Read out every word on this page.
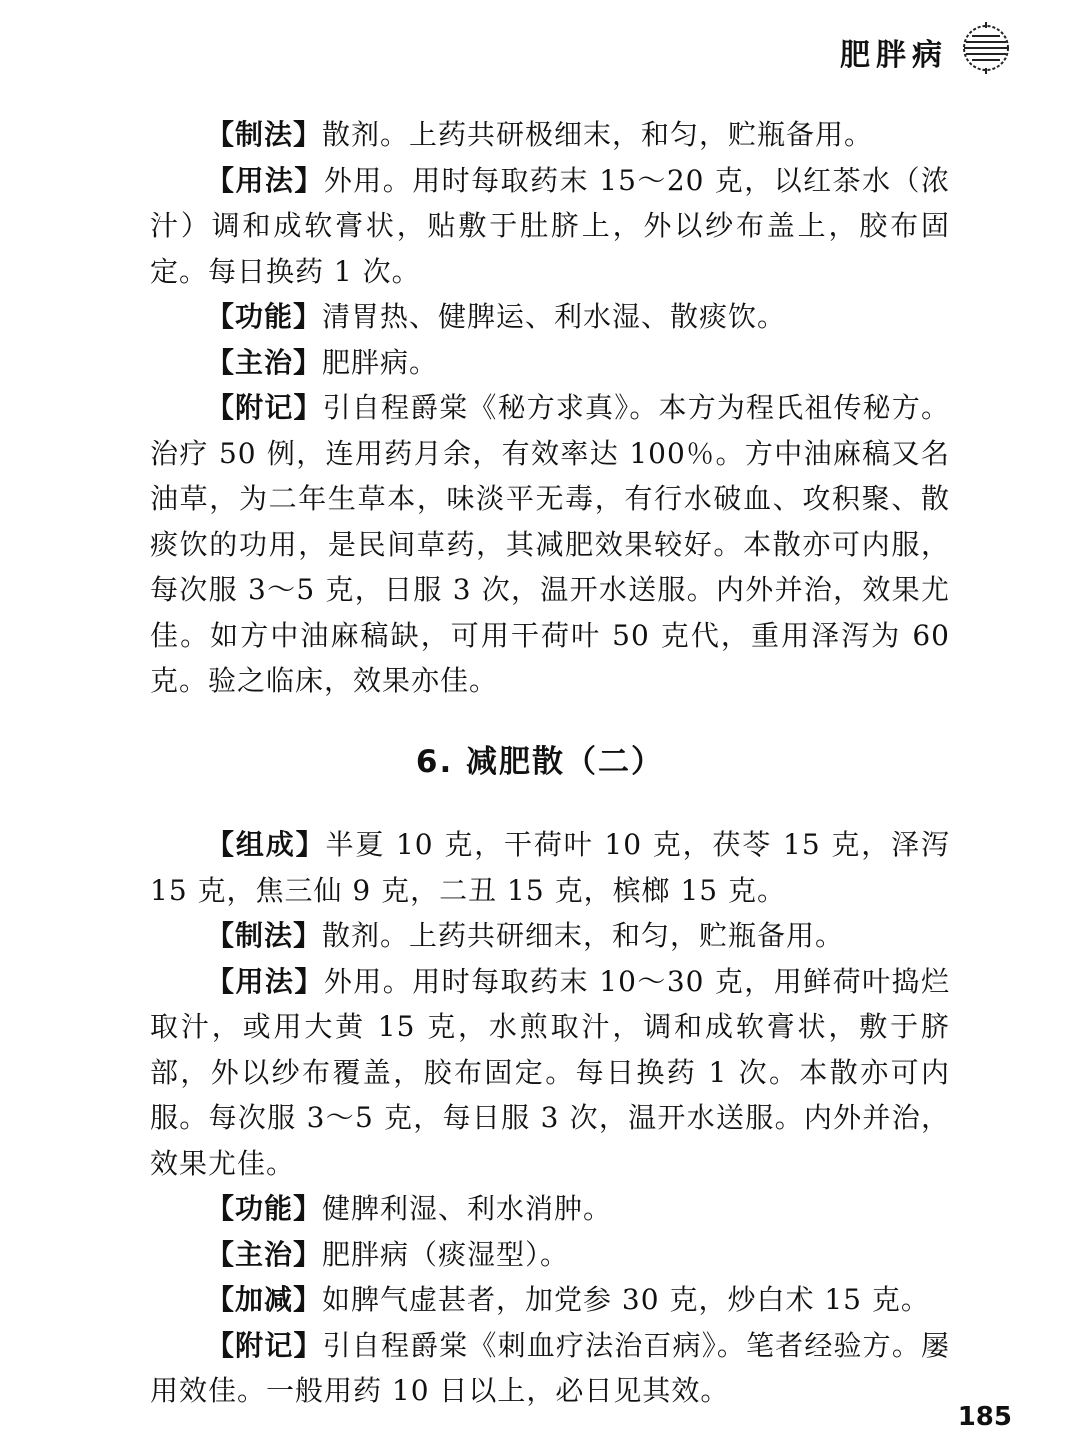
肥胖病

【制法】散剂。上药共研极细末，和匀，贮瓶备用。

【用法】外用。用时每取药末 15～20 克，以红茶水（浓汁）调和成软膏状，贴敷于肚脐上，外以纱布盖上，胶布固定。每日换药 1 次。

【功能】清胃热、健脾运、利水湿、散痰饮。

【主治】肥胖病。

【附记】引自程爵棠《秘方求真》。本方为程氏祖传秘方。治疗 50 例，连用药月余，有效率达 100％。方中油麻稿又名油草，为二年生草本，味淡平无毒，有行水破血、攻积聚、散痰饮的功用，是民间草药，其减肥效果较好。本散亦可内服，每次服 3～5 克，日服 3 次，温开水送服。内外并治，效果尤佳。如方中油麻稿缺，可用干荷叶 50 克代，重用泽泻为 60 克。验之临床，效果亦佳。

6. 减肥散（二）

【组成】半夏 10 克，干荷叶 10 克，茯苓 15 克，泽泻 15 克，焦三仙 9 克，二丑 15 克，槟榔 15 克。

【制法】散剂。上药共研细末，和匀，贮瓶备用。

【用法】外用。用时每取药末 10～30 克，用鲜荷叶捣烂取汁，或用大黄 15 克，水煎取汁，调和成软膏状，敷于脐部，外以纱布覆盖，胶布固定。每日换药 1 次。本散亦可内服。每次服 3～5 克，每日服 3 次，温开水送服。内外并治，效果尤佳。

【功能】健脾利湿、利水消肿。

【主治】肥胖病（痰湿型）。

【加减】如脾气虚甚者，加党参 30 克，炒白术 15 克。

【附记】引自程爵棠《刺血疗法治百病》。笔者经验方。屡用效佳。一般用药 10 日以上，必日见其效。

185
